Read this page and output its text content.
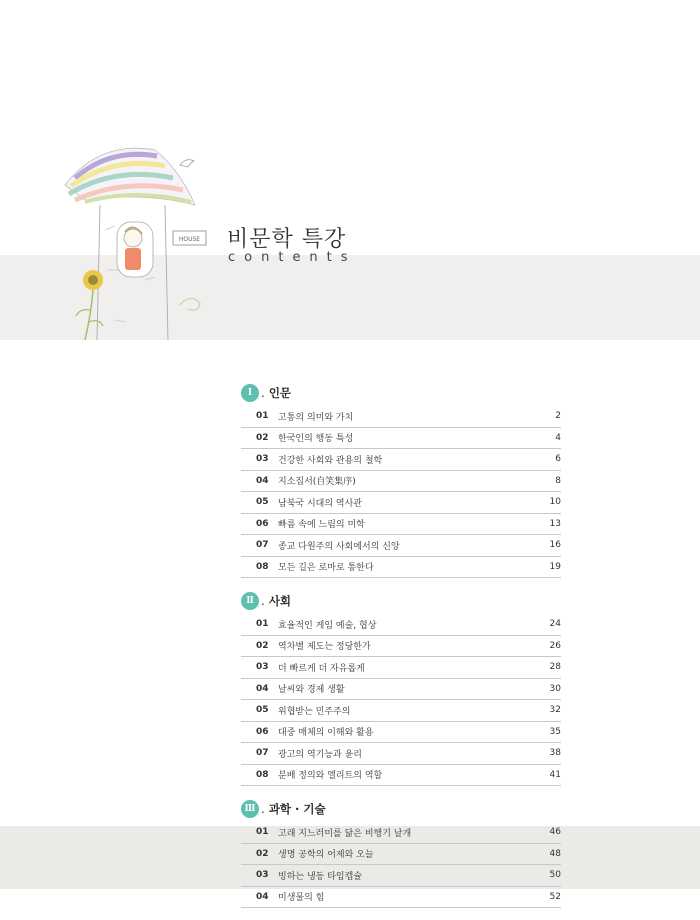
HOUSE 비문학 특강
contents
Ⅰ . 인문
01	고통의 의미와 가치	2
02	한국인의 행동 특성	4
03	건강한 사회와 관용의 철학	6
04	지소집서(自笑集序)	8
05	남북국 시대의 역사관	10
06	빠름 속에 느림의 미학	13
07	종교 다원주의 사회에서의 신앙	16
08	모든 길은 로마로 통한다	19
Ⅱ . 사회
01	효율적인 게임 예술, 협상	24
02	역차별 제도는 정당한가	26
03	더 빠르게 더 자유롭게	28
04	날씨와 경제 생활	30
05	위협받는 민주주의	32
06	대중 매체의 이해와 활용	35
07	광고의 역기능과 윤리	38
08	분배 정의와 엘리트의 역할	41
Ⅲ . 과학 · 기술
01	고래 지느러미를 닮은 비행기 날개	46
02	생명 공학의 어제와 오늘	48
03	빙하는 냉동 타임캡슐	50
04	미생물의 힘	52
